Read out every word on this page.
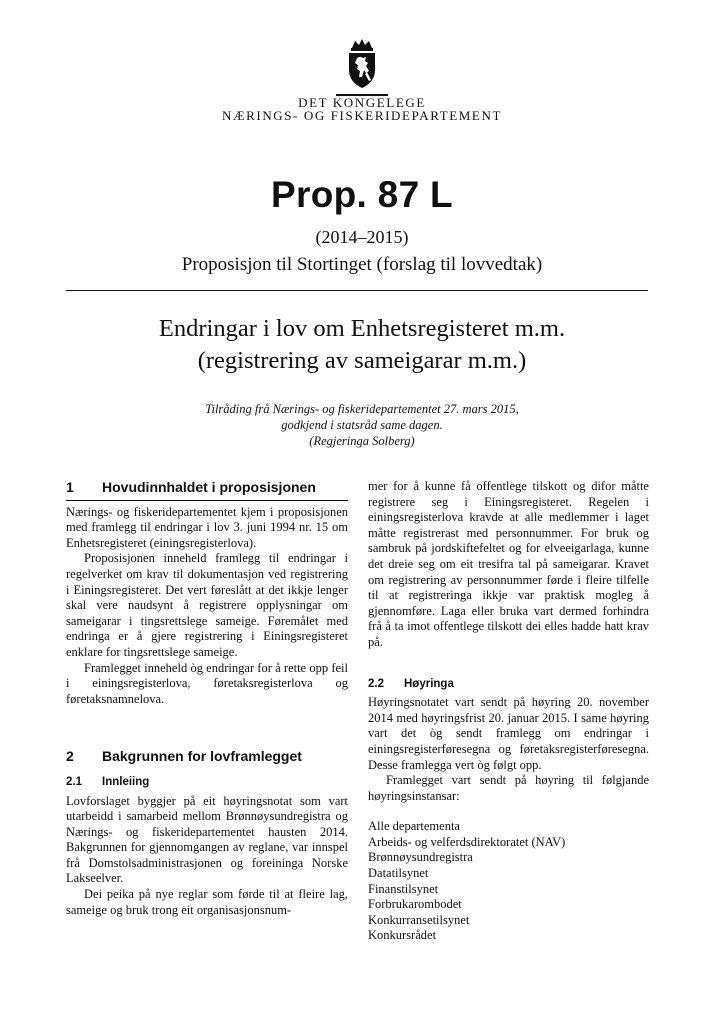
DET KONGELEGE
NÆRINGS- OG FISKERIDEPARTEMENT
Prop. 87 L
(2014–2015)
Proposisjon til Stortinget (forslag til lovvedtak)
Endringar i lov om Enhetsregisteret m.m.
(registrering av sameigarar m.m.)
Tilråding frå Nærings- og fiskeridepartementet 27. mars 2015,
godkjend i statsråd same dagen.
(Regjeringa Solberg)
1	Hovudinnhaldet i proposisjonen

Nærings- og fiskeridepartementet kjem i proposisjonen med framlegg til endringar i lov 3. juni 1994 nr. 15 om Enhetsregisteret (einingsregisterlova).

Proposisjonen inneheld framlegg til endringar i regelverket om krav til dokumentasjon ved registrering i Einingsregisteret. Det vert føreslått at det ikkje lenger skal vere naudsynt å registrere opplysningar om sameigarar i tingsrettslege sameige. Føremålet med endringa er å gjere registrering i Einingsregisteret enklare for tingsrettslege sameige.

Framlegget inneheld òg endringar for å rette opp feil i einingsregisterlova, føretaksregisterlova og føretaksnamnelova.

2	Bakgrunnen for lovframlegget
2.1	Innleiing

Lovforslaget byggjer på eit høyringsnotat som vart utarbeidd i samarbeid mellom Brønnøysundregistra og Nærings- og fiskeridepartementet hausten 2014. Bakgrunnen for gjennomgangen av reglane, var innspel frå Domstolsadministrasjonen og foreininga Norske Lakseelver.

Dei peika på nye reglar som førde til at fleire lag, sameige og bruk trong eit organisasjonsnum-

mer for å kunne få offentlege tilskott og difor måtte registrere seg i Einingsregisteret. Regelen i einingsregisterlova kravde at alle medlemmer i laget måtte registrerast med personnummer. For bruk og sambruk på jordskiftefeltet og for elveeigarlaga, kunne det dreie seg om eit tresifra tal på sameigarar. Kravet om registrering av personnummer førde i fleire tilfelle til at registreringa ikkje var praktisk mogleg å gjennomføre. Laga eller bruka vart dermed forhindra frå å ta imot offentlege tilskott dei elles hadde hatt krav på.

2.2	Høyringa

Høyringsnotatet vart sendt på høyring 20. november 2014 med høyringsfrist 20. januar 2015. I same høyring vart det òg sendt framlegg om endringar i einingsregisterføresegna og føretaksregisterføresegna. Desse framlegga vert òg følgt opp.

Framlegget vart sendt på høyring til følgjande høyringsinstansar:

Alle departementa
Arbeids- og velferdsdirektoratet (NAV)
Brønnøysundregistra
Datatilsynet
Finanstilsynet
Forbrukarombodet
Konkurransetilsynet
Konkursrådet
